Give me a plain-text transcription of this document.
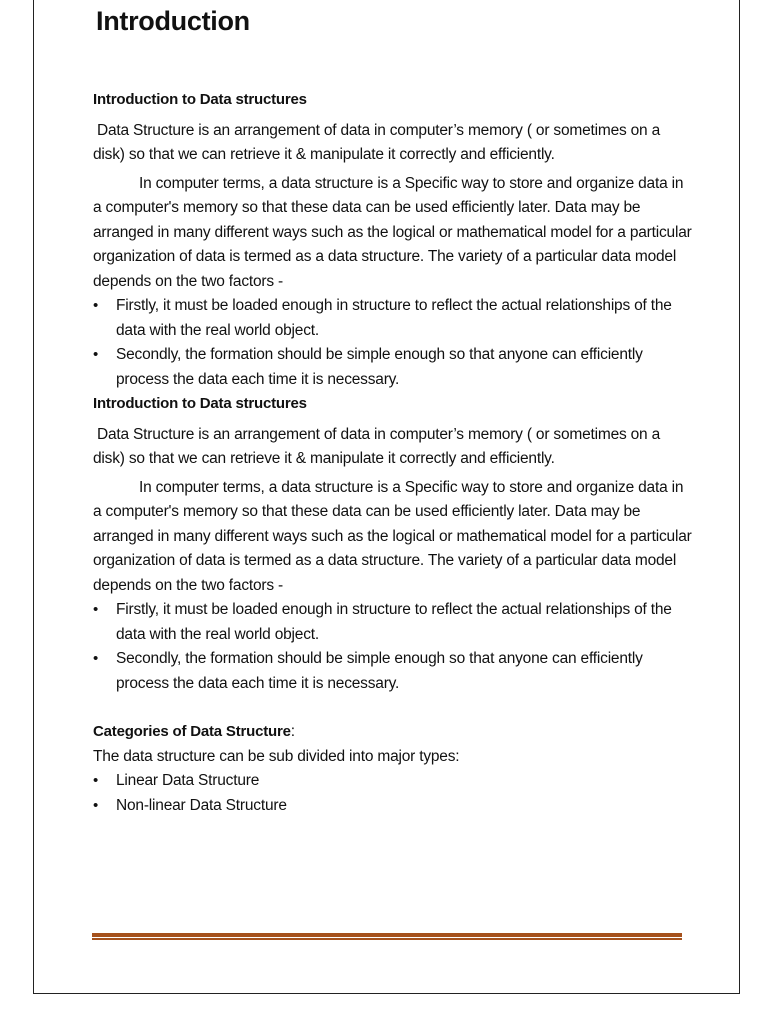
Introduction

Introduction to Data structures

Data Structure is an arrangement of data in computer’s memory ( or sometimes on a disk) so that we can retrieve it & manipulate it correctly and efficiently.

In computer terms, a data structure is a Specific way to store and organize data in a computer's memory so that these data can be used efficiently later. Data may be arranged in many different ways such as the logical or mathematical model for a particular organization of data is termed as a data structure. The variety of a particular data model depends on the two factors -

• Firstly, it must be loaded enough in structure to reflect the actual relationships of the data with the real world object.
• Secondly, the formation should be simple enough so that anyone can efficiently process the data each time it is necessary.

Introduction to Data structures

Data Structure is an arrangement of data in computer’s memory ( or sometimes on a disk) so that we can retrieve it & manipulate it correctly and efficiently.

In computer terms, a data structure is a Specific way to store and organize data in a computer's memory so that these data can be used efficiently later. Data may be arranged in many different ways such as the logical or mathematical model for a particular organization of data is termed as a data structure. The variety of a particular data model depends on the two factors -

• Firstly, it must be loaded enough in structure to reflect the actual relationships of the data with the real world object.
• Secondly, the formation should be simple enough so that anyone can efficiently process the data each time it is necessary.

Categories of Data Structure:

The data structure can be sub divided into major types:

• Linear Data Structure
• Non-linear Data Structure
